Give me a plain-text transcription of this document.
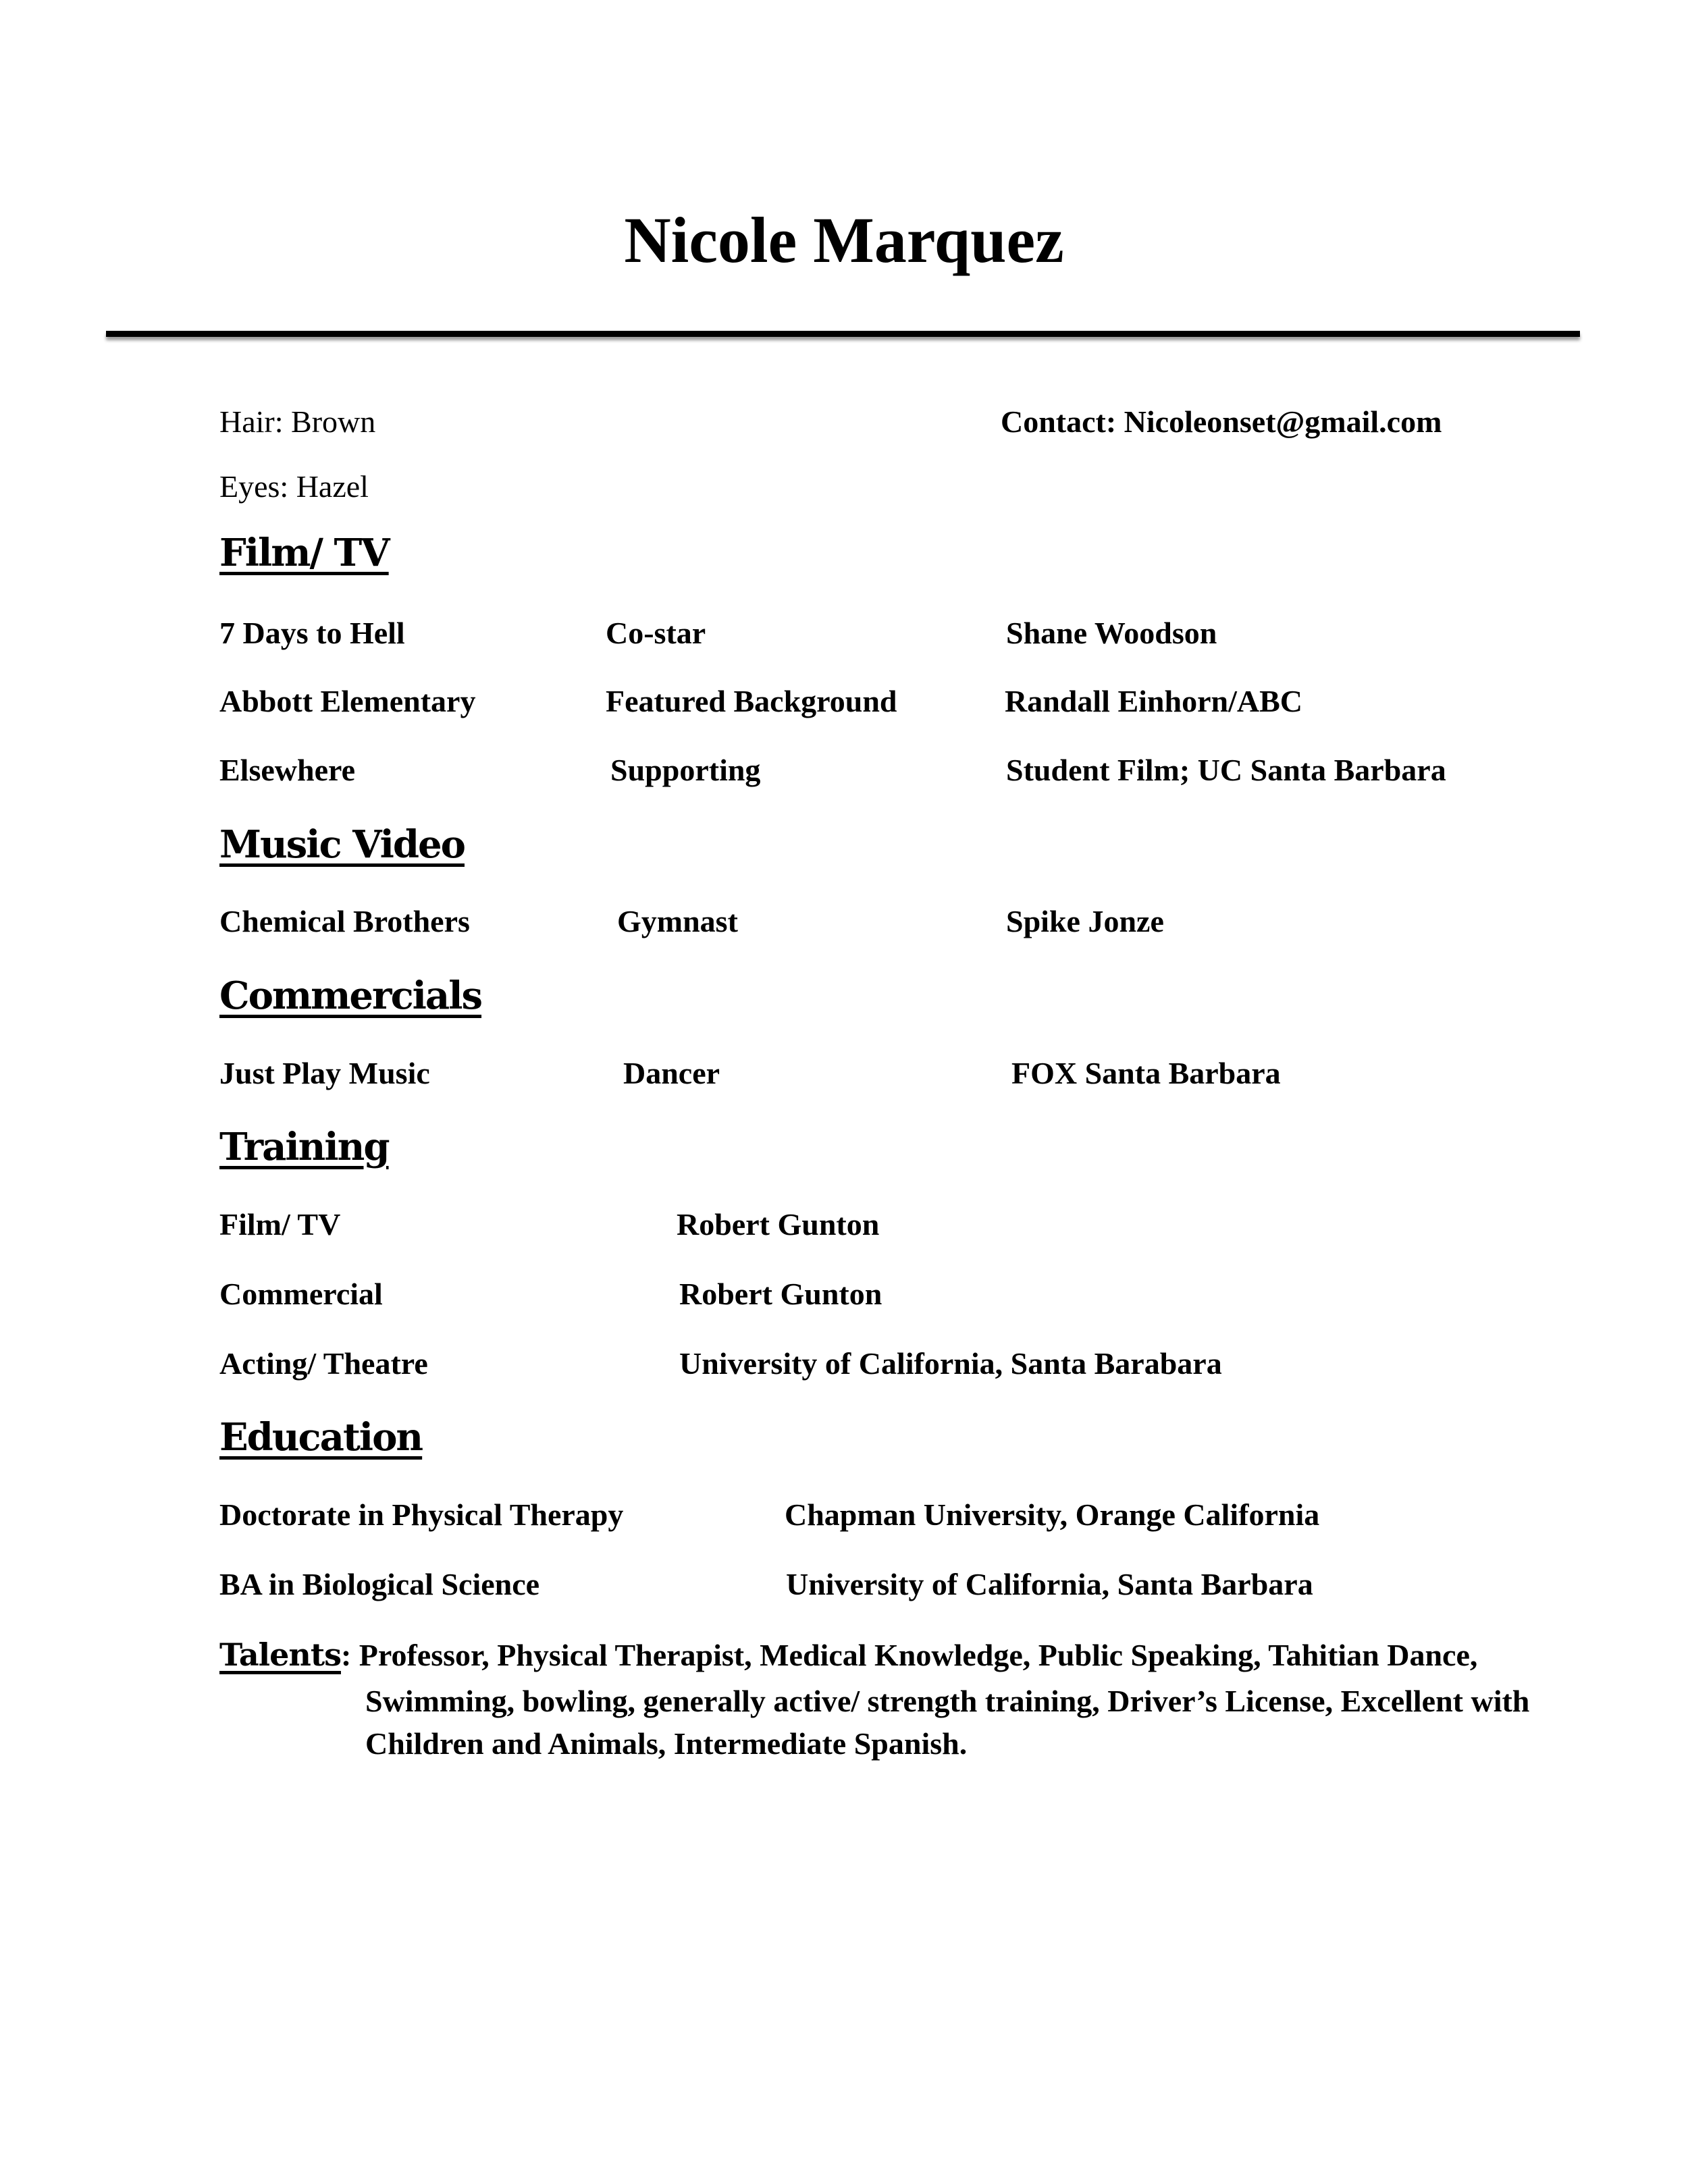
Nicole Marquez
Hair: Brown	Contact: Nicoleonset@gmail.com
Eyes: Hazel
Film/ TV
7 Days to Hell	Co-star	Shane Woodson
Abbott Elementary	Featured Background	Randall Einhorn/ABC
Elsewhere	Supporting	Student Film; UC Santa Barbara
Music Video
Chemical Brothers	Gymnast	Spike Jonze
Commercials
Just Play Music	Dancer	FOX Santa Barbara
Training
Film/ TV	Robert Gunton
Commercial	Robert Gunton
Acting/ Theatre	University of California, Santa Barabara
Education
Doctorate in Physical Therapy	Chapman University, Orange California
BA in Biological Science	University of California, Santa Barbara
Talents: Professor, Physical Therapist, Medical Knowledge, Public Speaking, Tahitian Dance,
Swimming, bowling, generally active/ strength training, Driver’s License, Excellent with
Children and Animals, Intermediate Spanish.
